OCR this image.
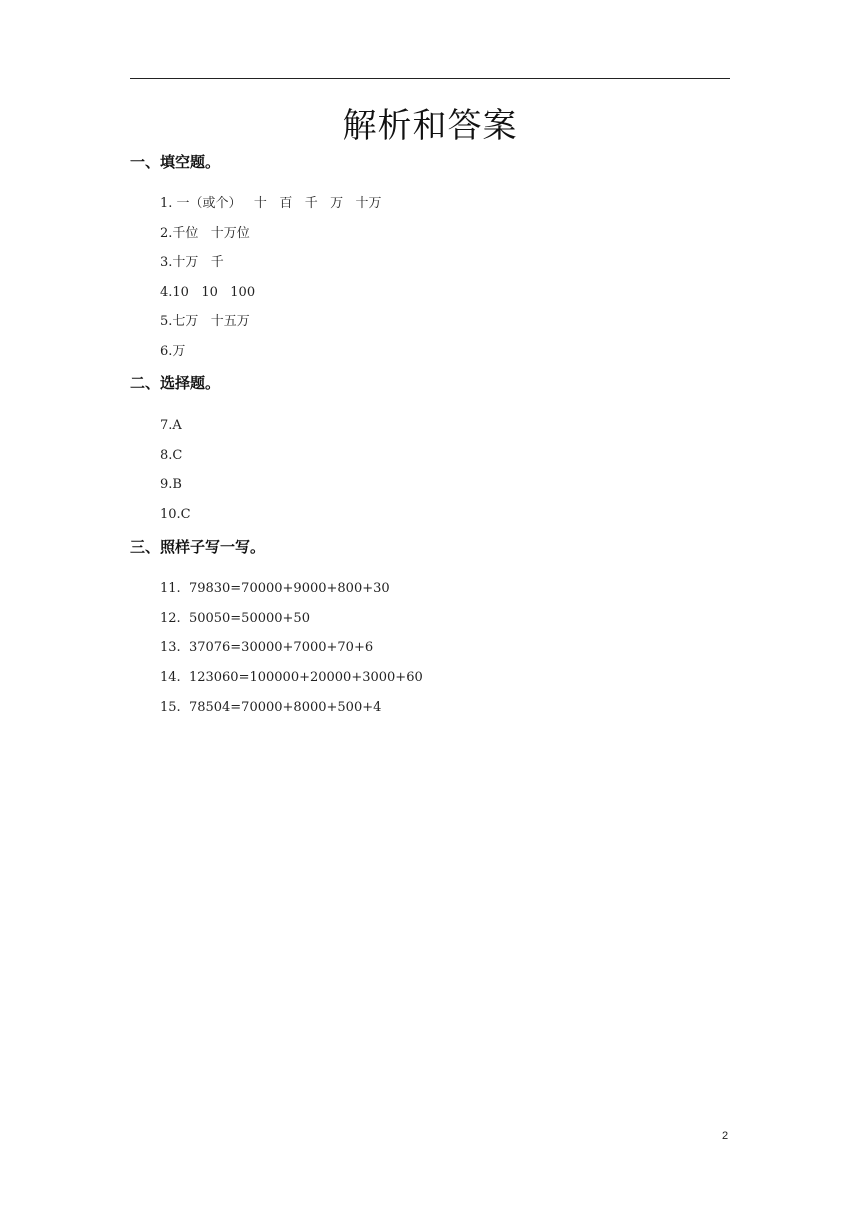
解析和答案
一、填空题。
1. 一（或个）   十   百   千   万   十万
2.千位   十万位
3.十万   千
4.10   10   100
5.七万   十五万
6.万
二、选择题。
7.A
8.C
9.B
10.C
三、照样子写一写。
11.  79830=70000+9000+800+30
12.  50050=50000+50
13.  37076=30000+7000+70+6
14.  123060=100000+20000+3000+60
15.  78504=70000+8000+500+4
2
